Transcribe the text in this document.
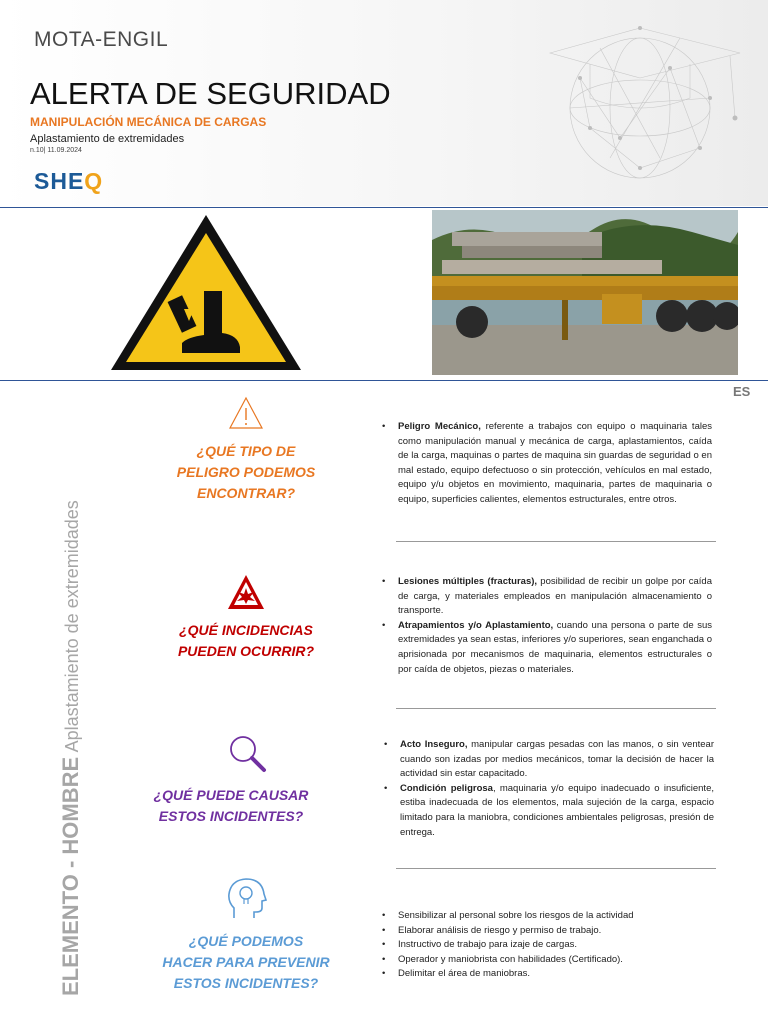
MOTA-ENGIL
ALERTA DE SEGURIDAD
MANIPULACIÓN MECÁNICA DE CARGAS
Aplastamiento de extremidades
n.10| 11.09.2024
SHEQ
ES
ELEMENTO - HOMBRE Aplastamiento de extremidades
¿QUÉ TIPO DE
PELIGRO PODEMOS
ENCONTRAR?
• Peligro Mecánico, referente a trabajos con equipo o maquinaria tales como manipulación manual y mecánica de carga, aplastamientos, caída de la carga, maquinas o partes de maquina sin guardas de seguridad o en mal estado, equipo defectuoso o sin protección, vehículos en mal estado, equipo y/u objetos en movimiento, maquinaria, partes de maquinaria o equipo, superficies calientes, elementos estructurales, entre otros.
¿QUÉ INCIDENCIAS
PUEDEN OCURRIR?
• Lesiones múltiples (fracturas), posibilidad de recibir un golpe por caída de carga, y materiales empleados en manipulación almacenamiento o transporte.
• Atrapamientos y/o Aplastamiento, cuando una persona o parte de sus extremidades ya sean estas, inferiores y/o superiores, sean enganchada o aprisionada por mecanismos de maquinaria, elementos estructurales o por caída de objetos, piezas o materiales.
¿QUÉ PUEDE CAUSAR
ESTOS INCIDENTES?
• Acto Inseguro, manipular cargas pesadas con las manos, o sin ventear cuando son izadas por medios mecánicos, tomar la decisión de hacer la actividad sin estar capacitado.
• Condición peligrosa, maquinaria y/o equipo inadecuado o insuficiente, estiba inadecuada de los elementos, mala sujeción de la carga, espacio limitado para la maniobra, condiciones ambientales peligrosas, presión de entrega.
¿QUÉ PODEMOS
HACER PARA PREVENIR
ESTOS INCIDENTES?
• Sensibilizar al personal sobre los riesgos de la actividad
• Elaborar análisis de riesgo y permiso de trabajo.
• Instructivo de trabajo para izaje de cargas.
• Operador y maniobrista con habilidades (Certificado).
• Delimitar el área de maniobras.
